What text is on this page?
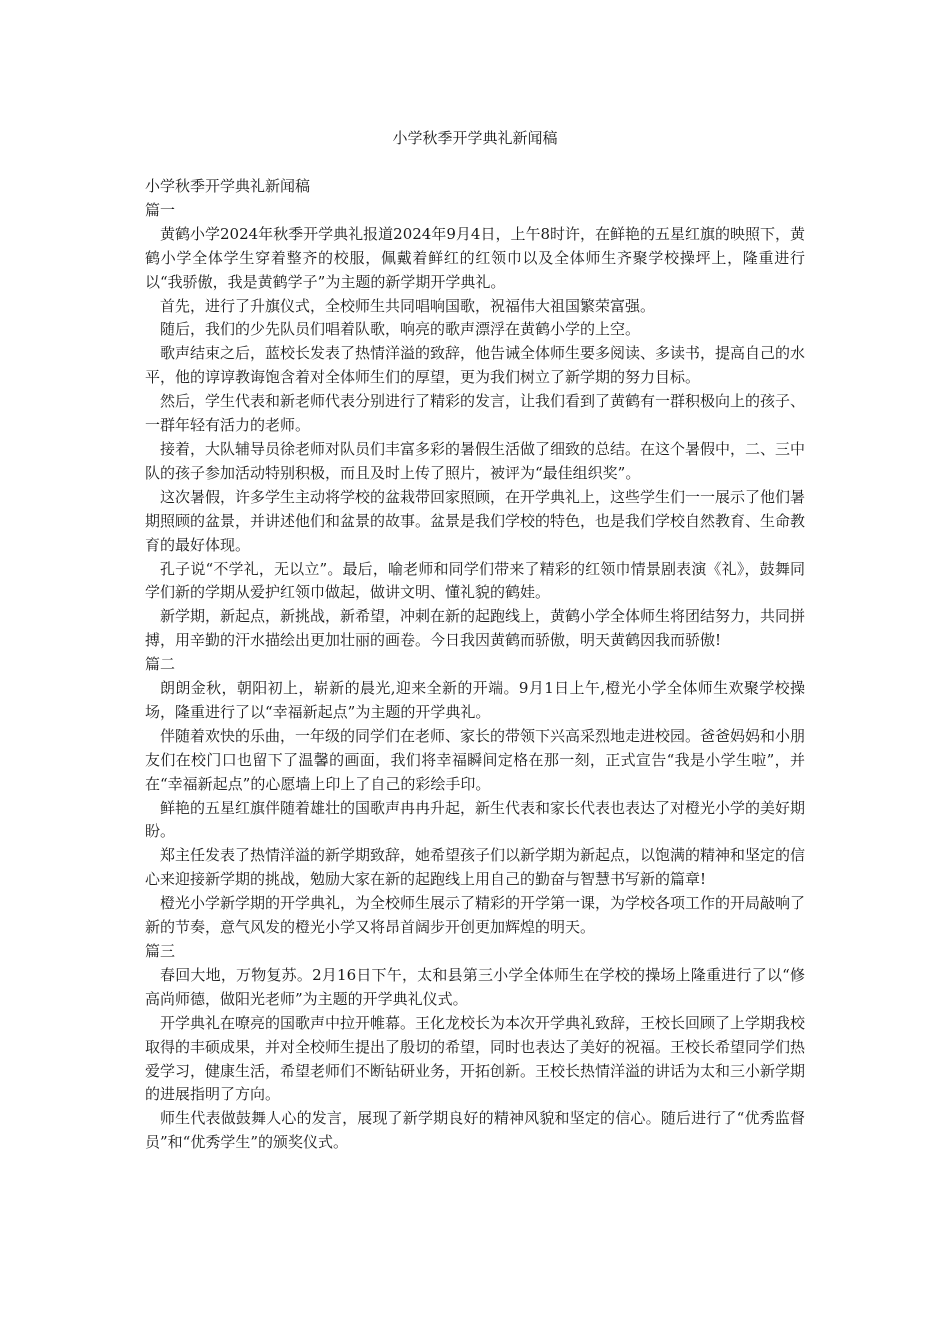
小学秋季开学典礼新闻稿

小学秋季开学典礼新闻稿

篇一

黄鹤小学2024年秋季开学典礼报道2024年9月4日，上午8时许，在鲜艳的五星红旗的映照下，黄鹤小学全体学生穿着整齐的校服，佩戴着鲜红的红领巾以及全体师生齐聚学校操坪上，隆重进行以“我骄傲，我是黄鹤学子”为主题的新学期开学典礼。

首先，进行了升旗仪式，全校师生共同唱响国歌，祝福伟大祖国繁荣富强。

随后，我们的少先队员们唱着队歌，响亮的歌声漂浮在黄鹤小学的上空。

歌声结束之后，蓝校长发表了热情洋溢的致辞，他告诫全体师生要多阅读、多读书，提高自己的水平，他的谆谆教诲饱含着对全体师生们的厚望，更为我们树立了新学期的努力目标。

然后，学生代表和新老师代表分别进行了精彩的发言，让我们看到了黄鹤有一群积极向上的孩子、一群年轻有活力的老师。

接着，大队辅导员徐老师对队员们丰富多彩的暑假生活做了细致的总结。在这个暑假中，二、三中队的孩子参加活动特别积极，而且及时上传了照片，被评为“最佳组织奖”。

这次暑假，许多学生主动将学校的盆栽带回家照顾，在开学典礼上，这些学生们一一展示了他们暑期照顾的盆景，并讲述他们和盆景的故事。盆景是我们学校的特色，也是我们学校自然教育、生命教育的最好体现。

孔子说“不学礼，无以立”。最后，喻老师和同学们带来了精彩的红领巾情景剧表演《礼》，鼓舞同学们新的学期从爱护红领巾做起，做讲文明、懂礼貌的鹤娃。

新学期，新起点，新挑战，新希望，冲刺在新的起跑线上，黄鹤小学全体师生将团结努力，共同拼搏，用辛勤的汗水描绘出更加壮丽的画卷。今日我因黄鹤而骄傲，明天黄鹤因我而骄傲!

篇二

朗朗金秋，朝阳初上，崭新的晨光,迎来全新的开端。9月1日上午,橙光小学全体师生欢聚学校操场，隆重进行了以“幸福新起点”为主题的开学典礼。

伴随着欢快的乐曲，一年级的同学们在老师、家长的带领下兴高采烈地走进校园。爸爸妈妈和小朋友们在校门口也留下了温馨的画面，我们将幸福瞬间定格在那一刻，正式宣告“我是小学生啦”，并在“幸福新起点”的心愿墙上印上了自己的彩绘手印。

鲜艳的五星红旗伴随着雄壮的国歌声冉冉升起，新生代表和家长代表也表达了对橙光小学的美好期盼。

郑主任发表了热情洋溢的新学期致辞，她希望孩子们以新学期为新起点，以饱满的精神和坚定的信心来迎接新学期的挑战，勉励大家在新的起跑线上用自己的勤奋与智慧书写新的篇章!

橙光小学新学期的开学典礼，为全校师生展示了精彩的开学第一课，为学校各项工作的开局敲响了新的节奏，意气风发的橙光小学又将昂首阔步开创更加辉煌的明天。

篇三

春回大地，万物复苏。2月16日下午，太和县第三小学全体师生在学校的操场上隆重进行了以“修高尚师德，做阳光老师”为主题的开学典礼仪式。

开学典礼在嘹亮的国歌声中拉开帷幕。王化龙校长为本次开学典礼致辞，王校长回顾了上学期我校取得的丰硕成果，并对全校师生提出了殷切的希望，同时也表达了美好的祝福。王校长希望同学们热爱学习，健康生活，希望老师们不断钻研业务，开拓创新。王校长热情洋溢的讲话为太和三小新学期的进展指明了方向。

师生代表做鼓舞人心的发言，展现了新学期良好的精神风貌和坚定的信心。随后进行了“优秀监督员”和“优秀学生”的颁奖仪式。
